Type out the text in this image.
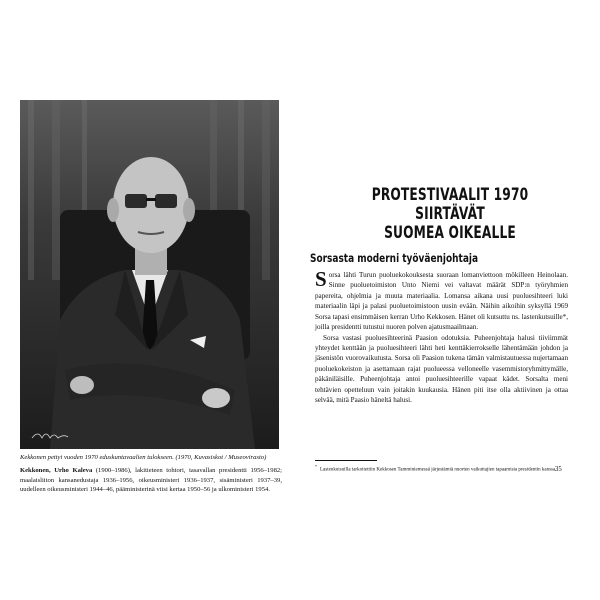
Kekkonen pettyi vuoden 1970 eduskuntavaalien tulokseen. (1970, Kuvasiskot / Museovirasto)
Kekkonen, Urho Kaleva (1900–1986), lakitieteen tohtori, tasavallan presidentti 1956–1982; maalaisliiton kansanedustaja 1936–1956, oikeusministeri 1936–1937, sisäministeri 1937–39, uudelleen oikeusministeri 1944–46, pääministerinä viisi kertaa 1950–56 ja ulkoministeri 1954.
PROTESTIVAALIT 1970 SIIRTÄVÄT
SUOMEA OIKEALLE
Sorsasta moderni työväenjohtaja

Sorsa lähti Turun puoluekokouksesta suoraan lomanviettoon mökilleen Heinolaan. Sinne puoluetoimiston Unto Niemi vei valtavat määrät SDP:n työryhmien papereita, ohjelmia ja muuta materiaalia. Lomansa aikana uusi puoluesihteeri luki materiaalin läpi ja palasi puoluetoimistoon uusin evään. Näihin aikoihin syksyllä 1969 Sorsa tapasi ensimmäisen kerran Urho Kekkosen. Hänet oli kutsuttu ns. lastenkutsuille*, joilla presidentti tutustui nuoren polven ajatusmaailmaan.

Sorsa vastasi puoluesihteerinä Paasion odotuksia. Puheenjohtaja halusi tiiviimmät yhteydet kenttään ja puoluesihteeri lähti heti kenttäkierrokselle lähentämään johdon ja jäsenistön vuorovaikutusta. Sorsa oli Paasion tukena tämän valmistautuessa nujertamaan puoluekokeiston ja asettamaan rajat puolueessa velloneelle vasemmistoryhmittymälle, päkäniläisille. Puheenjohtaja antoi puoluesihteerille vapaat kädet. Sorsalta meni tehtävien opetteluun vain joitakin kuukausia. Hänen piti itse olla aktiivinen ja ottaa selvää, mitä Paasio häneltä halusi.

*Lastenkutsuilla tarkoitettiin Kekkosen Tamminiemessä järjestämiä nuorten vaikuttajien tapaamisia presidentin kanssa.
35
